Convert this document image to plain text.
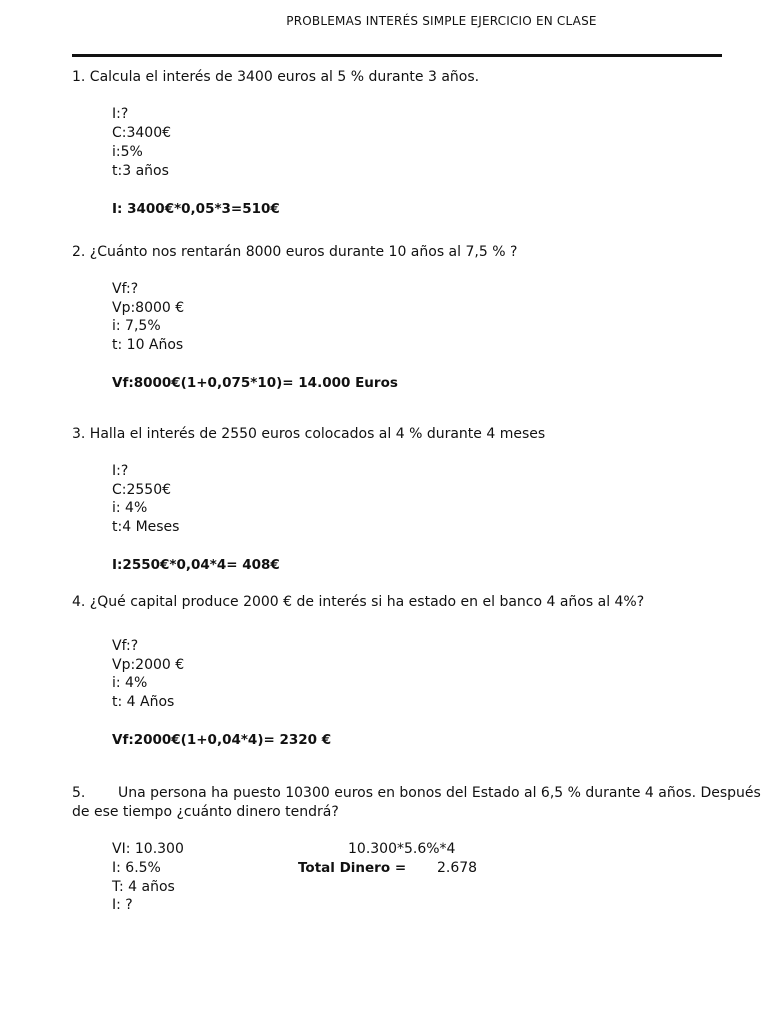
PROBLEMAS INTERÉS SIMPLE EJERCICIO EN CLASE
1. Calcula el interés de 3400 euros al 5 % durante 3 años.
I:?
C:3400€
i:5%
t:3 años
I: 3400€*0,05*3=510€
2. ¿Cuánto nos rentarán 8000 euros durante 10 años al 7,5 % ?
Vf:?
Vp:8000 €
i: 7,5%
t: 10 Años
Vf:8000€(1+0,075*10)= 14.000 Euros
3. Halla el interés de 2550 euros colocados al 4 % durante 4 meses
I:?
C:2550€
i: 4%
t:4 Meses
I:2550€*0,04*4= 408€
4. ¿Qué capital produce 2000 € de interés si ha estado en el banco 4 años al 4%?
Vf:?
Vp:2000 €
i: 4%
t: 4 Años
Vf:2000€(1+0,04*4)= 2320 €
5. Una persona ha puesto 10300 euros en bonos del Estado al 6,5 % durante 4 años. Después
de ese tiempo ¿cuánto dinero tendrá?
VI: 10.300
I: 6.5%
T: 4 años
I: ?
10.300*5.6%*4
Total Dinero = 2.678
